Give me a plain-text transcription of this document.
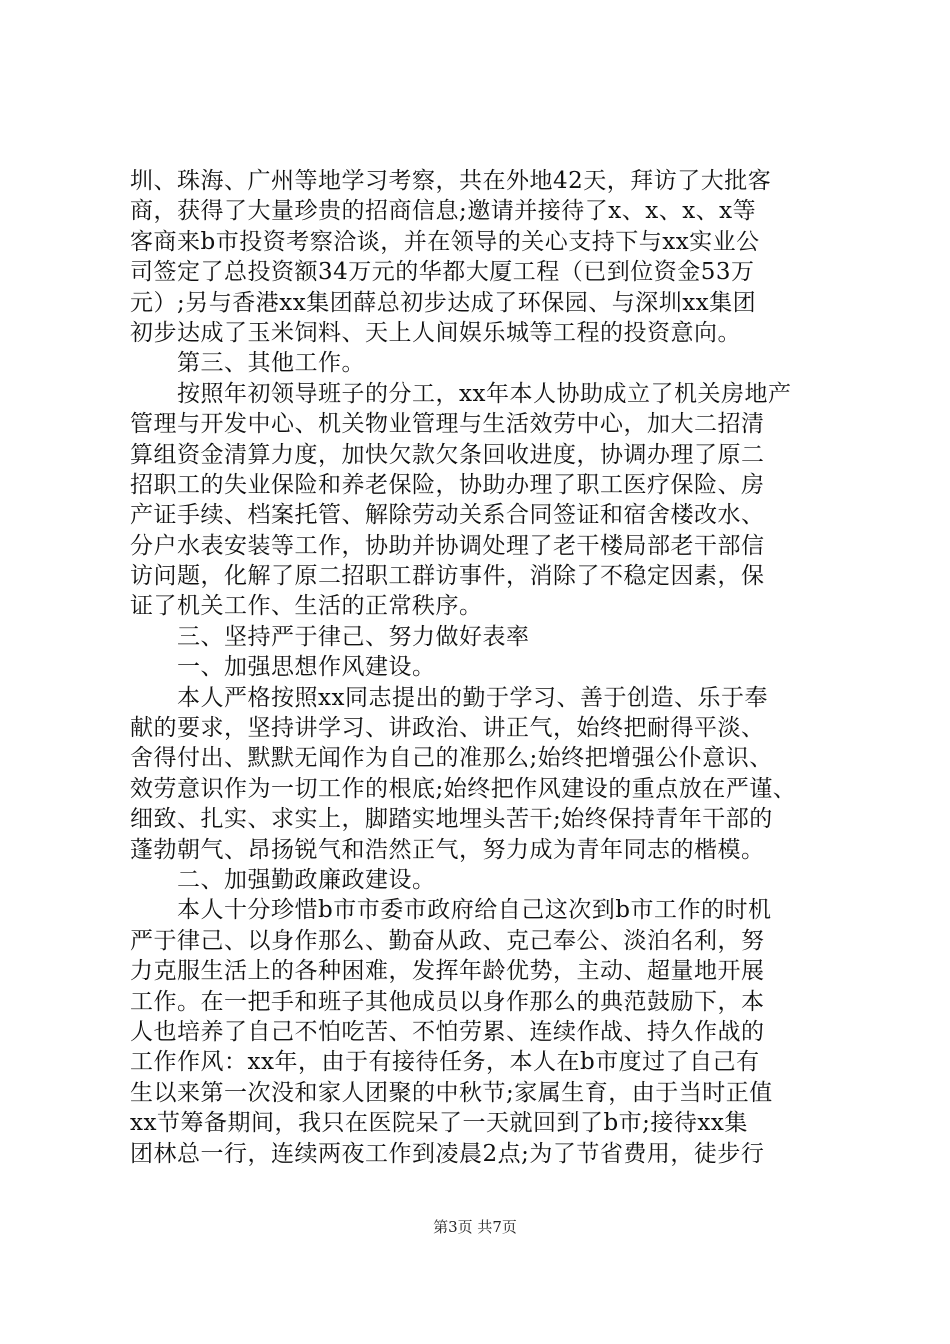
圳、珠海、广州等地学习考察，共在外地42天，拜访了大批客
商，获得了大量珍贵的招商信息;邀请并接待了x、x、x、x等
客商来b市投资考察洽谈，并在领导的关心支持下与xx实业公
司签定了总投资额34万元的华都大厦工程（已到位资金53万
元）;另与香港xx集团薛总初步达成了环保园、与深圳xx集团
初步达成了玉米饲料、天上人间娱乐城等工程的投资意向。
　　第三、其他工作。
　　按照年初领导班子的分工，xx年本人协助成立了机关房地产
管理与开发中心、机关物业管理与生活效劳中心，加大二招清
算组资金清算力度，加快欠款欠条回收进度，协调办理了原二
招职工的失业保险和养老保险，协助办理了职工医疗保险、房
产证手续、档案托管、解除劳动关系合同签证和宿舍楼改水、
分户水表安装等工作，协助并协调处理了老干楼局部老干部信
访问题，化解了原二招职工群访事件，消除了不稳定因素，保
证了机关工作、生活的正常秩序。
　　三、坚持严于律己、努力做好表率
　　一、加强思想作风建设。
　　本人严格按照xx同志提出的勤于学习、善于创造、乐于奉
献的要求，坚持讲学习、讲政治、讲正气，始终把耐得平淡、
舍得付出、默默无闻作为自己的准那么;始终把增强公仆意识、
效劳意识作为一切工作的根底;始终把作风建设的重点放在严谨、
细致、扎实、求实上，脚踏实地埋头苦干;始终保持青年干部的
蓬勃朝气、昂扬锐气和浩然正气，努力成为青年同志的楷模。
　　二、加强勤政廉政建设。
　　本人十分珍惜b市市委市政府给自己这次到b市工作的时机
严于律己、以身作那么、勤奋从政、克己奉公、淡泊名利，努
力克服生活上的各种困难，发挥年龄优势，主动、超量地开展
工作。在一把手和班子其他成员以身作那么的典范鼓励下，本
人也培养了自己不怕吃苦、不怕劳累、连续作战、持久作战的
工作作风：xx年，由于有接待任务，本人在b市度过了自己有
生以来第一次没和家人团聚的中秋节;家属生育，由于当时正值
xx节筹备期间，我只在医院呆了一天就回到了b市;接待xx集
团林总一行，连续两夜工作到凌晨2点;为了节省费用，徒步行
第3页 共7页
